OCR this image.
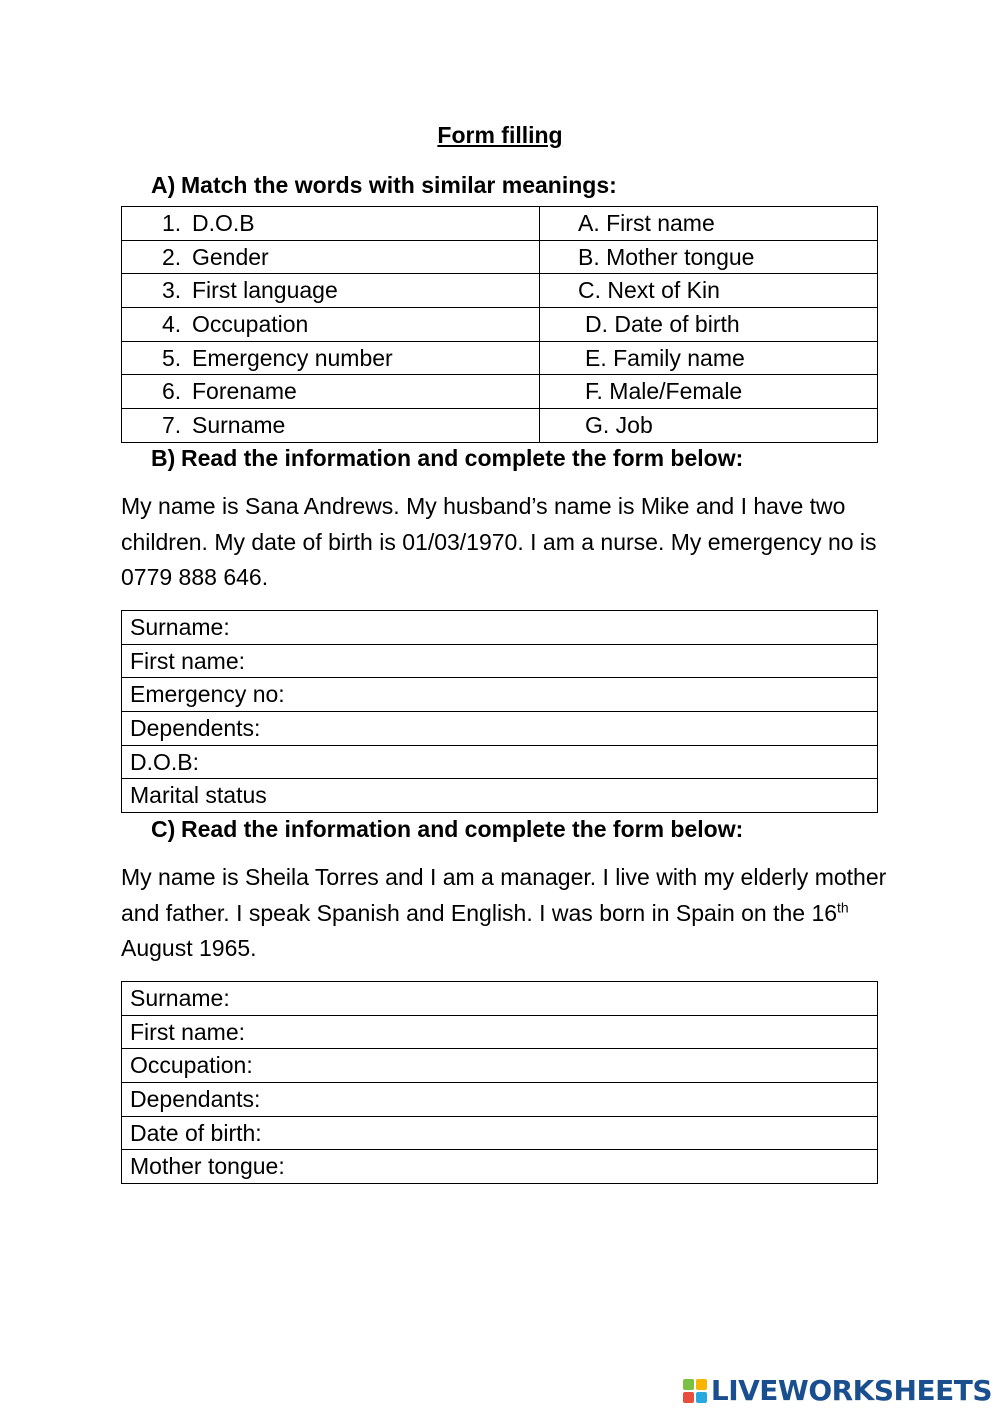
Form filling
A) Match the words with similar meanings:
1. D.O.B	A. First name
2. Gender	B. Mother tongue
3. First language	C. Next of Kin
4. Occupation	D. Date of birth
5. Emergency number	E. Family name
6. Forename	F. Male/Female
7. Surname	G. Job
B) Read the information and complete the form below:
My name is Sana Andrews. My husband’s name is Mike and I have two children. My date of birth is 01/03/1970. I am a nurse. My emergency no is 0779 888 646.
Surname:
First name:
Emergency no:
Dependents:
D.O.B:
Marital status
C) Read the information and complete the form below:
My name is Sheila Torres and I am a manager. I live with my elderly mother and father. I speak Spanish and English. I was born in Spain on the 16th August 1965.
Surname:
First name:
Occupation:
Dependants:
Date of birth:
Mother tongue:
LIVEWORKSHEETS
